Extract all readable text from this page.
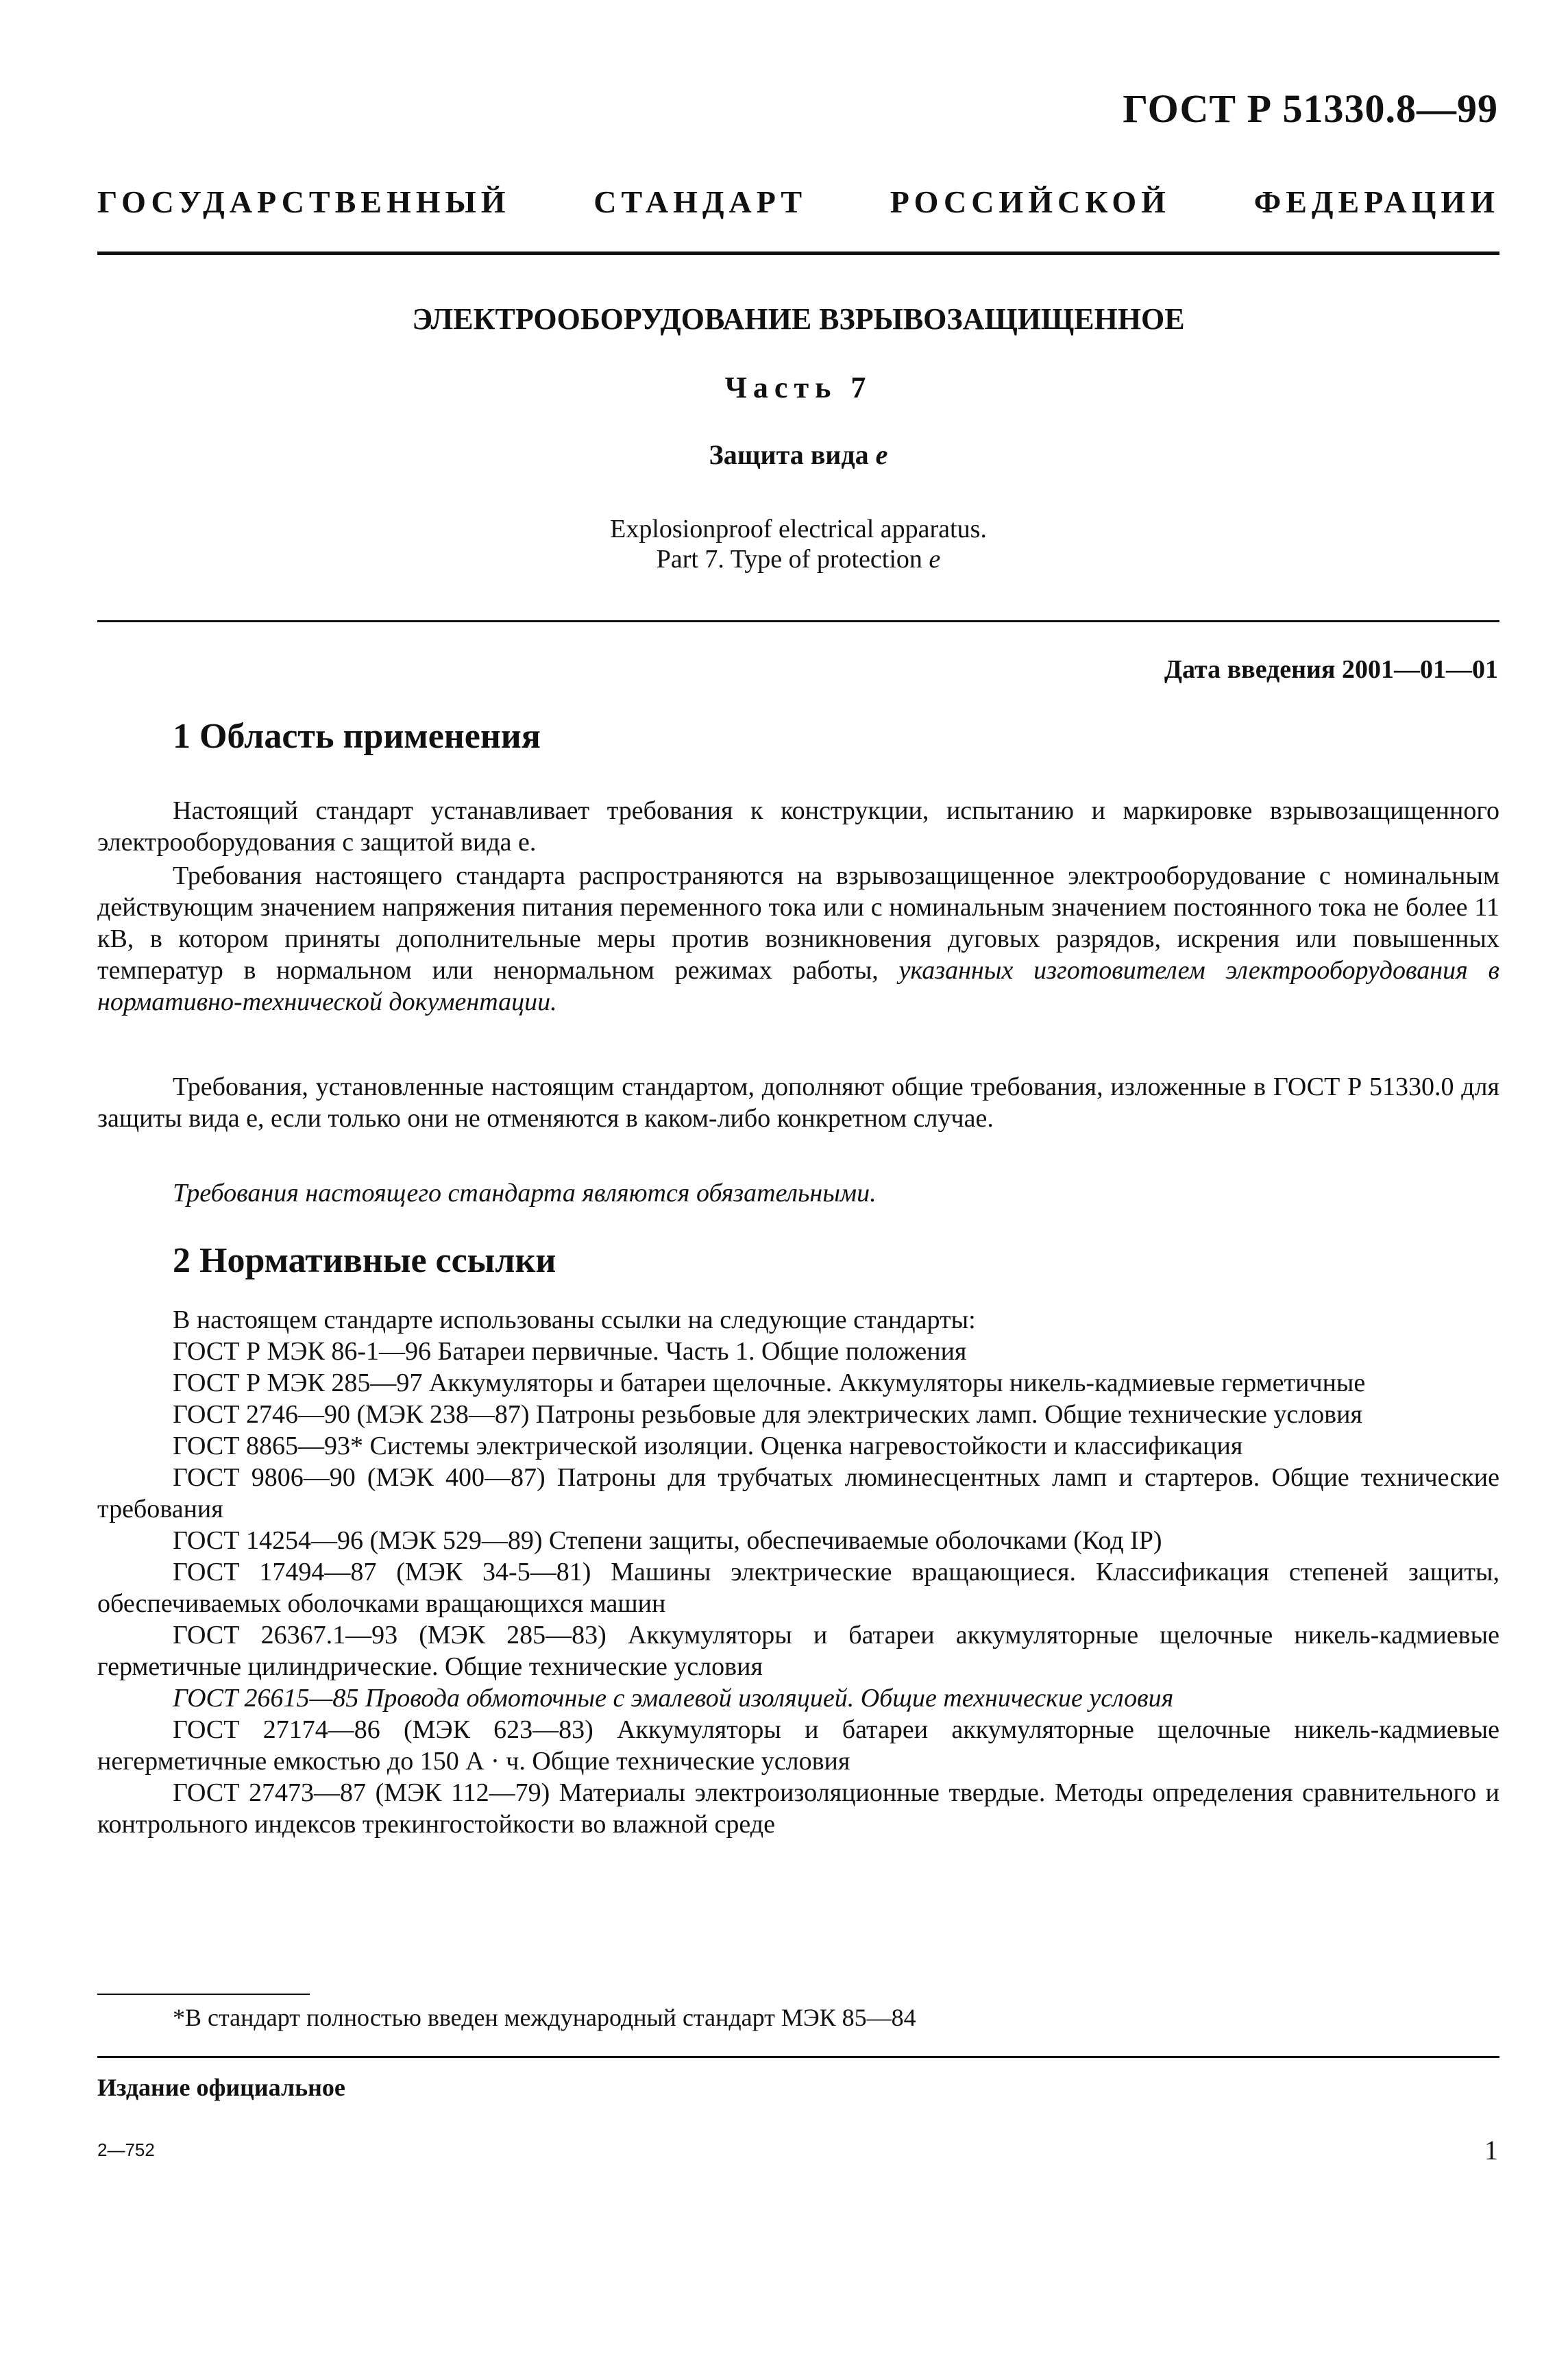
ГОСТ Р 51330.8—99
ГОСУДАРСТВЕННЫЙ	СТАНДАРТ	РОССИЙСКОЙ	ФЕДЕРАЦИИ
ЭЛЕКТРООБОРУДОВАНИЕ ВЗРЫВОЗАЩИЩЕННОЕ
Часть 7
Защита вида е
Explosionproof electrical apparatus.
Part 7. Type of protection e
Дата введения 2001—01—01
1 Область применения

Настоящий стандарт устанавливает требования к конструкции, испытанию и маркировке взрывозащищенного электрооборудования с защитой вида е.

Требования настоящего стандарта распространяются на взрывозащищенное электрооборудование с номинальным действующим значением напряжения питания переменного тока или с номинальным значением постоянного тока не более 11 кВ, в котором приняты дополнительные меры против возникновения дуговых разрядов, искрения или повышенных температур в нормальном или ненормальном режимах работы, указанных изготовителем электрооборудования в нормативно-технической документации.

Требования, установленные настоящим стандартом, дополняют общие требования, изложенные в ГОСТ Р 51330.0 для защиты вида е, если только они не отменяются в каком-либо конкретном случае.

Требования настоящего стандарта являются обязательными.

2 Нормативные ссылки
В настоящем стандарте использованы ссылки на следующие стандарты:
ГОСТ Р МЭК 86-1—96 Батареи первичные. Часть 1. Общие положения
ГОСТ Р МЭК 285—97 Аккумуляторы и батареи щелочные. Аккумуляторы никель-кадмиевые герметичные
ГОСТ 2746—90 (МЭК 238—87) Патроны резьбовые для электрических ламп. Общие технические условия
ГОСТ 8865—93* Системы электрической изоляции. Оценка нагревостойкости и классификация
ГОСТ 9806—90 (МЭК 400—87) Патроны для трубчатых люминесцентных ламп и стартеров. Общие технические требования
ГОСТ 14254—96 (МЭК 529—89) Степени защиты, обеспечиваемые оболочками (Код IP)
ГОСТ 17494—87 (МЭК 34-5—81) Машины электрические вращающиеся. Классификация степеней защиты, обеспечиваемых оболочками вращающихся машин
ГОСТ 26367.1—93 (МЭК 285—83) Аккумуляторы и батареи аккумуляторные щелочные никель-кадмиевые герметичные цилиндрические. Общие технические условия
ГОСТ 26615—85 Провода обмоточные с эмалевой изоляцией. Общие технические условия
ГОСТ 27174—86 (МЭК 623—83) Аккумуляторы и батареи аккумуляторные щелочные никель-кадмиевые негерметичные емкостью до 150 А · ч. Общие технические условия
ГОСТ 27473—87 (МЭК 112—79) Материалы электроизоляционные твердые. Методы определения сравнительного и контрольного индексов трекингостойкости во влажной среде
*В стандарт полностью введен международный стандарт МЭК 85—84
Издание официальное
2—752	1
